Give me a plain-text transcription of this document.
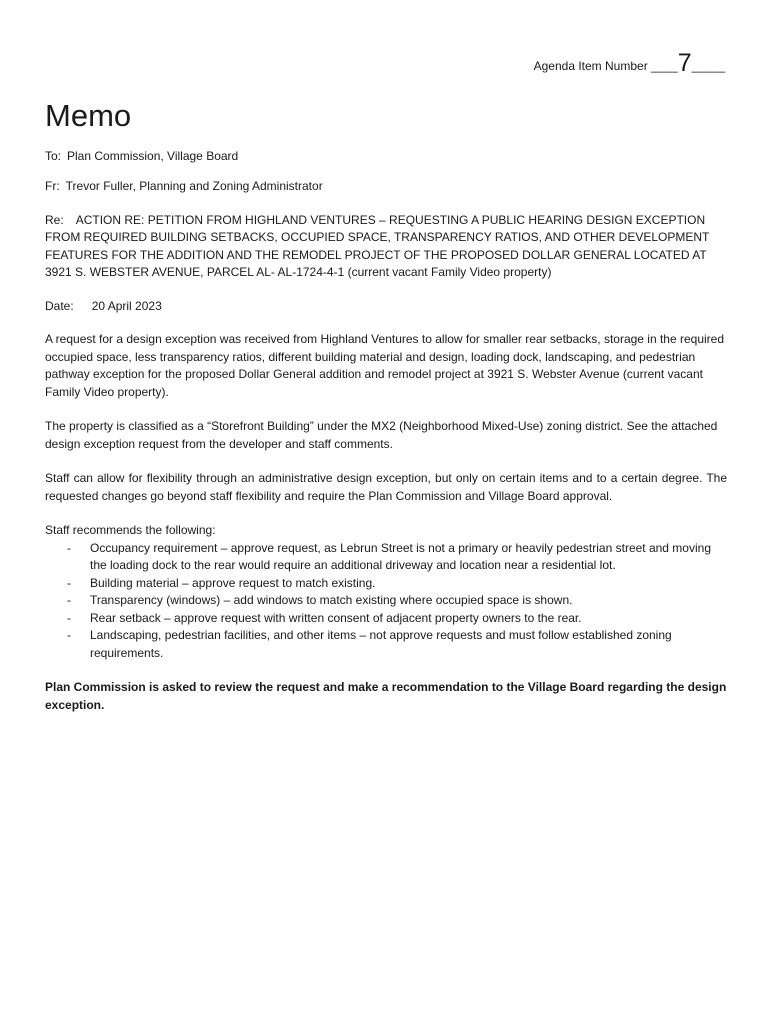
Agenda Item Number ____7_____
Memo

To: Plan Commission, Village Board

Fr: Trevor Fuller, Planning and Zoning Administrator

Re: ACTION RE: PETITION FROM HIGHLAND VENTURES – REQUESTING A PUBLIC HEARING DESIGN EXCEPTION FROM REQUIRED BUILDING SETBACKS, OCCUPIED SPACE, TRANSPARENCY RATIOS, AND OTHER DEVELOPMENT FEATURES FOR THE ADDITION AND THE REMODEL PROJECT OF THE PROPOSED DOLLAR GENERAL LOCATED AT 3921 S. WEBSTER AVENUE, PARCEL AL- AL-1724-4-1 (current vacant Family Video property)

Date: 20 April 2023

A request for a design exception was received from Highland Ventures to allow for smaller rear setbacks, storage in the required occupied space, less transparency ratios, different building material and design, loading dock, landscaping, and pedestrian pathway exception for the proposed Dollar General addition and remodel project at 3921 S. Webster Avenue (current vacant Family Video property).

The property is classified as a “Storefront Building” under the MX2 (Neighborhood Mixed-Use) zoning district. See the attached design exception request from the developer and staff comments.

Staff can allow for flexibility through an administrative design exception, but only on certain items and to a certain degree. The requested changes go beyond staff flexibility and require the Plan Commission and Village Board approval.

Staff recommends the following:

- Occupancy requirement – approve request, as Lebrun Street is not a primary or heavily pedestrian street and moving the loading dock to the rear would require an additional driveway and location near a residential lot.
- Building material – approve request to match existing.
- Transparency (windows) – add windows to match existing where occupied space is shown.
- Rear setback – approve request with written consent of adjacent property owners to the rear.
- Landscaping, pedestrian facilities, and other items – not approve requests and must follow established zoning requirements.

Plan Commission is asked to review the request and make a recommendation to the Village Board regarding the design exception.
